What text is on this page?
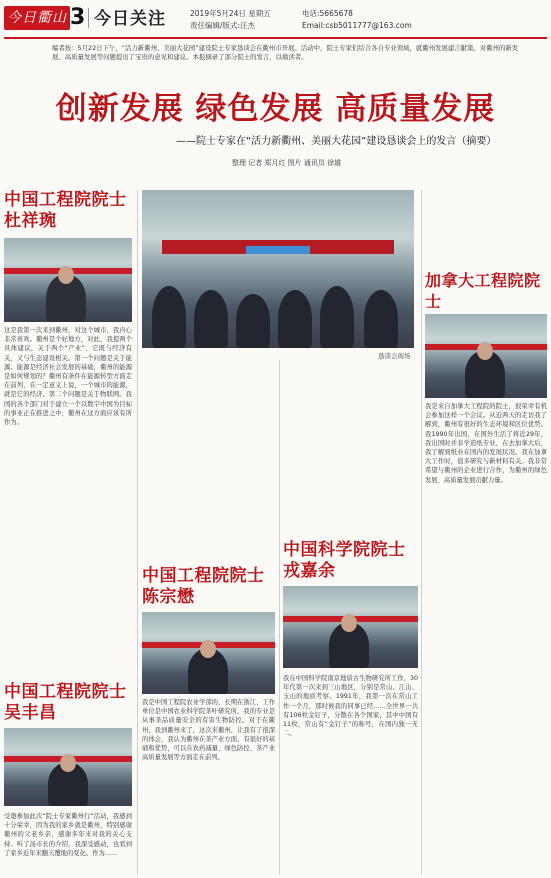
今日衢山 3 今日关注	2019年5月24日 星期五
责任编辑/版式:汪杰
电话:5665678
Email:csb5011777@163.com
编者按：5月22日下午，“活力新衢州、美丽大花园”建设院士专家恳谈会在衢州市开展。活动中，院士专家们结合各自专业领域，就衢州发展建言献策。对衢州的新发展、高质量发展等问题提出了宝贵的意见和建议。本报摘录了部分院士的发言，以飨读者。
创新发展 绿色发展 高质量发展
——院士专家在“活力新衢州、美丽大花园”建设恳谈会上的发言（摘要）
整理 记者 郑月红 图片 通讯员 徐雄
中国工程院院士
杜祥琬
这是我第一次来到衢州，对这个城市，我内心非常喜欢。衢州是个好地方，对此，我提两个具体建议，关于两个“产业”，它既与经济有关，又与生态建设相关。第一个问题是关于能源。能源是经济社会发展的基础，衢州的能源是如何规划的？衢州有条件在能源转型方面走在前列，在一定意义上说，一个城市的能源，就是它的经济。第二个问题是关于物联网。我国的各个部门对于建立一个以数字中国为目标的事业正在推进之中，衢州在这方面应该有所作为。
中国工程院院士
吴丰昌
受邀参加此次“院士专家衢州行”活动，我感到十分荣幸，因为我的家乡就是衢州，特别感谢衢州的父老乡亲，感谢多年来对我的关心支持。听了汤市长的介绍，我深受感动，也看到了家乡近年来翻天覆地的变化。作为……
恳谈会现场
中国工程院院士
陈宗懋
我是中国工程院农业学部的，长期在浙江、工作单位是中国农业科学院茶叶研究所，我的专业是从事茶品质量安全的有害生物防控。对于在衢州，我到衢州来了，这次来衢州，让我有了很深的体会，我认为衢州在茶产业方面，有很好的基础和优势，可以在农药减量、绿色防控、茶产业高质量发展等方面走在前列。
中国科学院院士
戎嘉余
我在中国科学院南京地质古生物研究所工作，30年代第一次来到三山地区，分别是常山、江山、玉山的地质考察。1991年，我第一次在常山工作一个月，那时候我的同事已经……全世界一共有106枚金钉子，分散在各个国家，其中中国有11枚，常山有“金钉子”的称号，在国内独一无二。
加拿大工程院院士
我是来自加拿大工程院的院士，很荣幸有机会参加这样一个会议。从近两天的走访我了解到，衢州有很好的生态环境和区位优势。我1990年出国，在国外生活了将近29年，我出国时并非学造纸专业，在去加拿大后，我了解到纸业在国内的发展状况。我在加拿大工作时，很多研究与新材料有关。我非常希望与衢州的企业进行合作，为衢州的绿色发展、高质量发展贡献力量。
